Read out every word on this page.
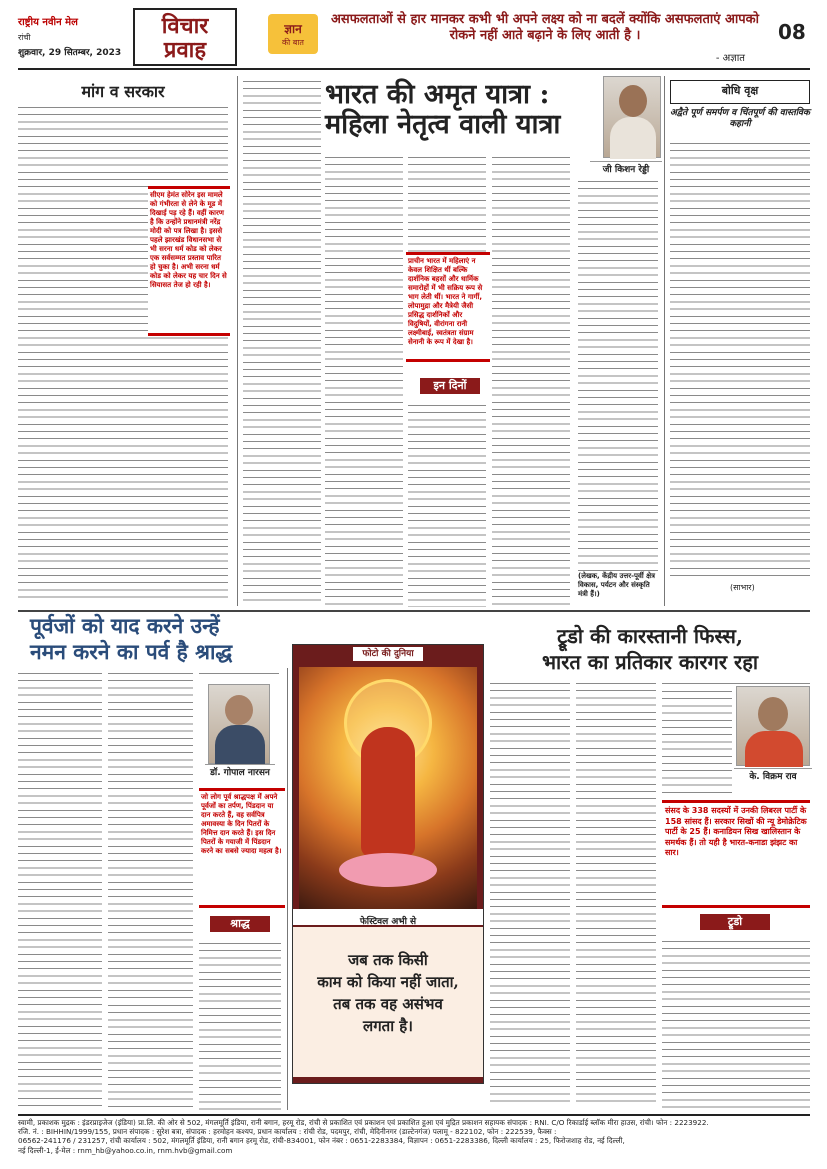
राष्ट्रीय नवीन मेल
रांची
शुक्रवार, 29 सितम्बर, 2023
विचार
प्रवाह
ज्ञान
की बात
असफलताओं से हार मानकर कभी भी अपने लक्ष्य को ना बदलें क्योंकि असफलताएं आपको रोकने नहीं आते बढ़ाने के लिए आती है ।
- अज्ञात
08
मांग व सरकार
सीएम हेमंत सोरेन इस मामले को गंभीरता से लेने के मूड में दिखाई पड़ रहे हैं। वहीं कारण है कि उन्होंने प्रधानमंत्री नरेंद्र मोदी को पत्र लिखा है। इससे पहले झारखंड विधानसभा से भी सरना धर्म कोड को लेकर एक सर्वसम्मत प्रस्ताव पारित हो चुका है। अभी सरना धर्म कोड को लेकर यह चार दिन से सियासत तेज हो रही है।
भारत की अमृत यात्रा :
महिला नेतृत्व वाली यात्रा
जी किशन रेड्डी
प्राचीन भारत में महिलाएं न केवल शिक्षित थीं बल्कि दार्शनिक बहसों और धार्मिक समारोहों में भी सक्रिय रूप से भाग लेती थीं। भारत ने गार्गी, लोपामुद्रा और मैत्रेयी जैसी प्रसिद्ध दार्शनिकों और विदुषियों, वीरांगना रानी लक्ष्मीबाई, स्वतंत्रता संग्राम सेनानी के रूप में देखा है।
इन दिनों
(लेखक, केंद्रीय उत्तर-पूर्वी क्षेत्र विकास, पर्यटन और संस्कृति मंत्री हैं।)
बोधि वृक्ष
अद्वैते पूर्ण समर्पण व चिंतपूर्ण की वास्तविक कहानी
(साभार)
पूर्वजों को याद करने उन्हें
नमन करने का पर्व है श्राद्ध
डॉ. गोपाल नारसन
जो लोग पूर्व श्राद्धपक्ष में अपने पूर्वजों का तर्पण, पिंडदान या दान करते हैं, वह सर्वपित्र अमावस्या के दिन पितरों के निमित्त दान करते हैं। इस दिन पितरों के गयाजी में पिंडदान करने का सबसे ज्यादा महत्व है।
श्राद्ध
फोटो की दुनिया
फेस्टिवल अभी से
जब तक किसी
काम को किया नहीं जाता,
तब तक वह असंभव
लगता है।
ट्रूडो की कारस्तानी फिस्स,
भारत का प्रतिकार कारगर रहा
के. विक्रम राव
संसद के 338 सदस्यों में उनकी लिबरल पार्टी के 158 सांसद हैं। सरकार सिखों की न्यू डेमोक्रेटिक पार्टी के 25 हैं। कनाडियन सिख खालिस्तान के समर्थक हैं। तो यही है भारत-कनाडा झंझट का सार।
ट्रूडो
स्वामी, प्रकाशक मुद्रक : इंडरप्राइजेज (इंडिया) प्रा.लि. की ओर से 502, मंगलमूर्ति इंडिया, रानी बगान, हरमू रोड, रांची से प्रकाशित एवं प्रकाशन एवं प्रकाशित हुआ एवं मुद्रित प्रकाशन सहायक संपादक : RNI. C/O रिकार्डाई ब्लॉक मीरा हाउस, रांची। फोन : 2223922.
रजि. नं. : BIHHIN/1999/155, प्रधान संपादक : सुरेश बत्रा, संपादक : हरमोहन कश्यप, प्रधान कार्यालय : रांची रोड, पदमपुर, रांची, मेदिनीनगर (डाल्टेनगंज) पलामू - 822102, फोन : 222539, फैक्स :
06562-241176 / 231257, रांची कार्यालय : 502, मंगलमूर्ति इंडिया, रानी बगान हरमू रोड, रांची-834001, फोन नंबर : 0651-2283384, विज्ञापन : 0651-2283386, दिल्ली कार्यालय : 25, फिरोजशाह रोड, नई दिल्ली,
नई दिल्ली-1, ई-मेल : rnm_hb@yahoo.co.in, rnm.hvb@gmail.com
